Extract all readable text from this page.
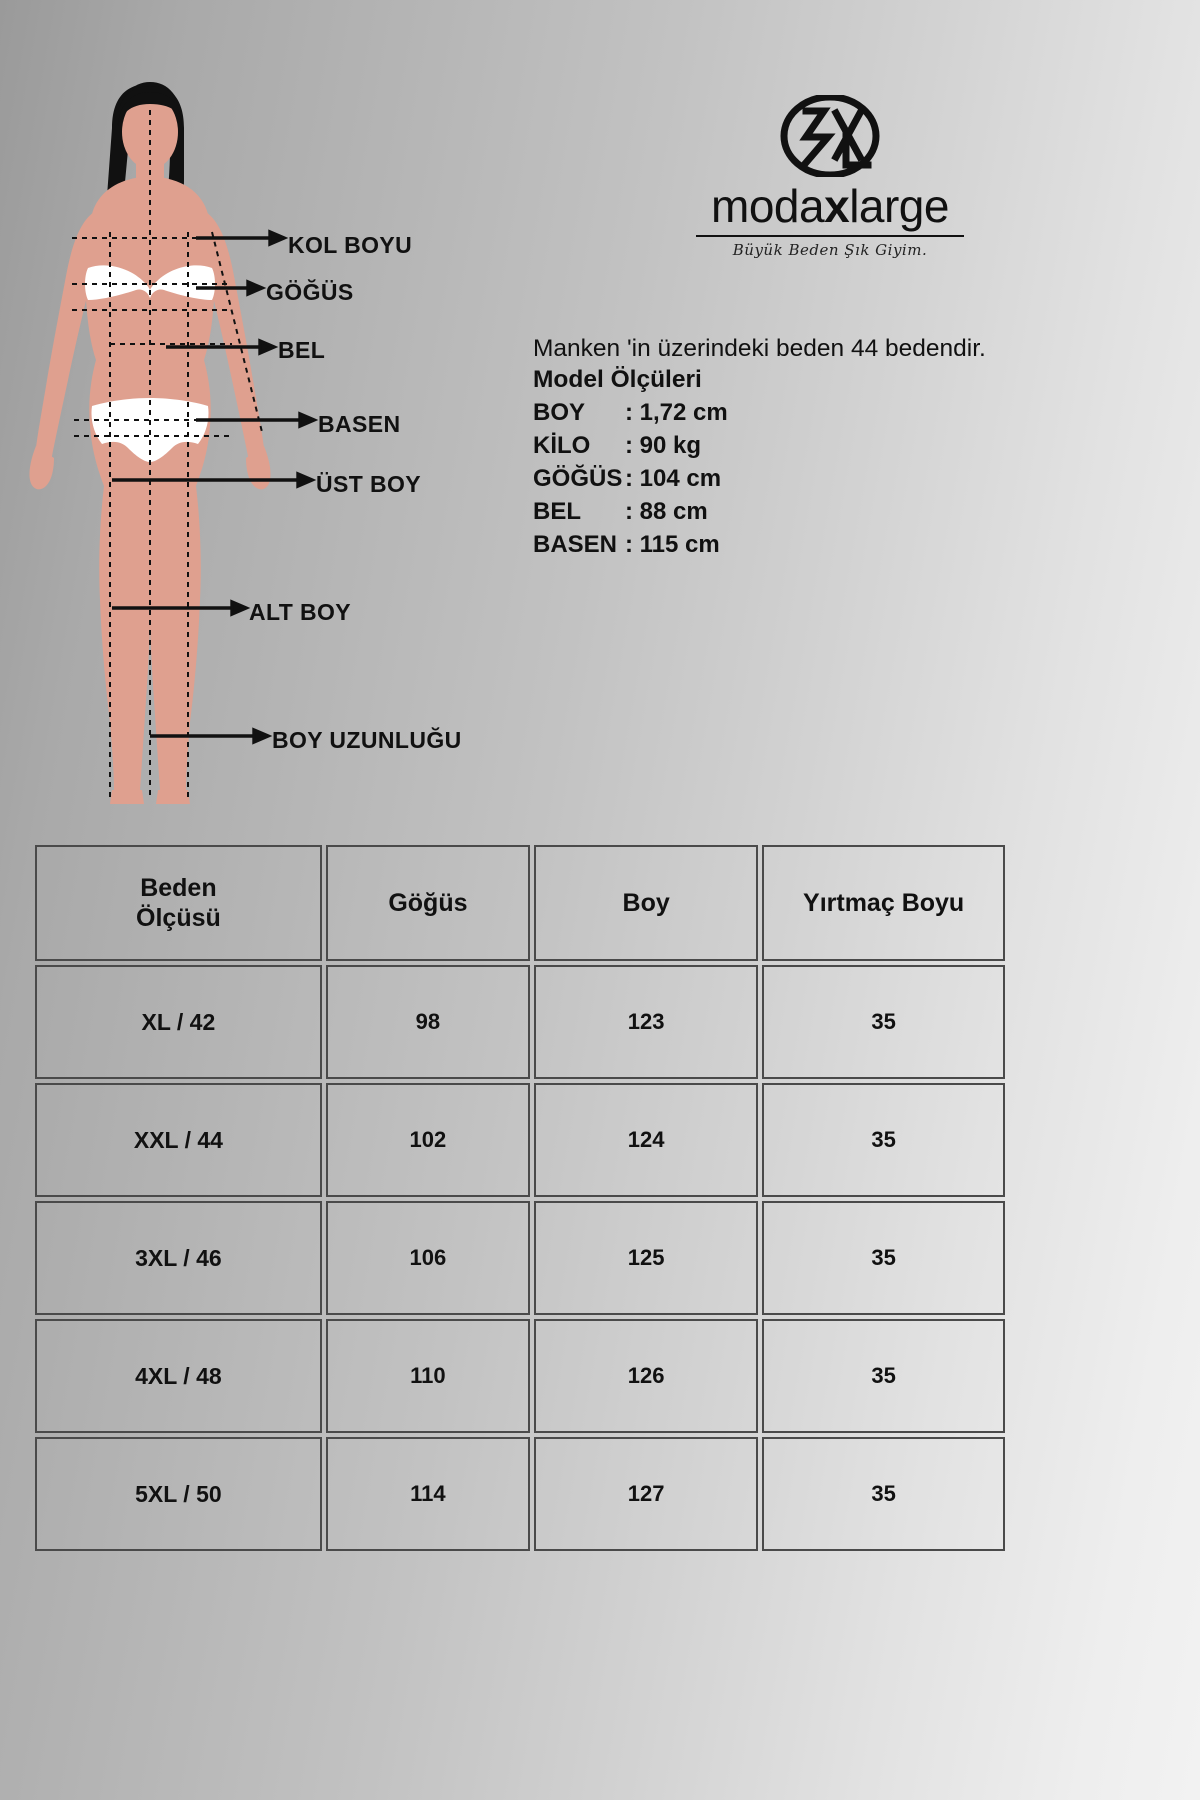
KOL BOYU
GÖĞÜS
BEL
BASEN
ÜST BOY
ALT BOY
BOY UZUNLUĞU
modaxlarge
Büyük Beden Şık Giyim.
Manken 'in üzerindeki beden 44 bedendir.
Model Ölçüleri
BOY	: 1,72 cm
KİLO	: 90 kg
GÖĞÜS : 104 cm
BEL	: 88 cm
BASEN : 115 cm
Beden
Ölçüsü	Göğüs	Boy	Yırtmaç Boyu
XL / 42	98	123	35
XXL / 44	102	124	35
3XL / 46	106	125	35
4XL / 48	110	126	35
5XL / 50	114	127	35
